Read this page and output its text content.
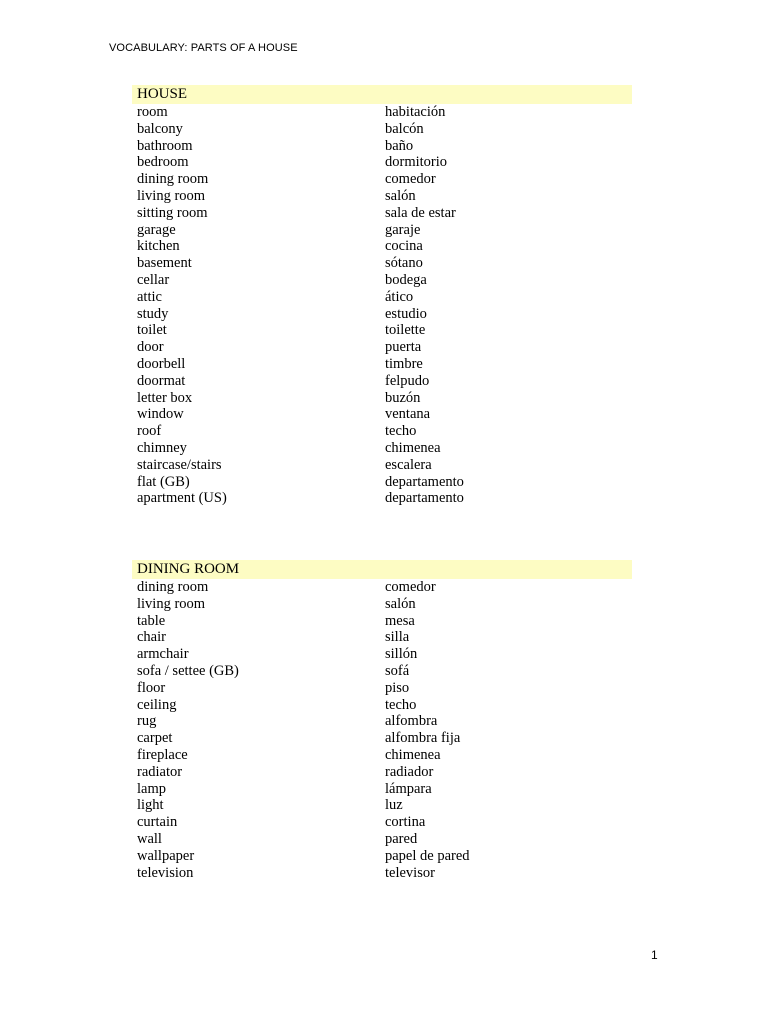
VOCABULARY: PARTS OF A HOUSE
HOUSE
room	habitación
balcony	balcón
bathroom	baño
bedroom	dormitorio
dining room	comedor
living room	salón
sitting room	sala de estar
garage	garaje
kitchen	cocina
basement	sótano
cellar	bodega
attic	ático
study	estudio
toilet	toilette
door	puerta
doorbell	timbre
doormat	felpudo
letter box	buzón
window	ventana
roof	techo
chimney	chimenea
staircase/stairs	escalera
flat (GB)	departamento
apartment (US)	departamento
DINING ROOM
dining room	comedor
living room	salón
table	mesa
chair	silla
armchair	sillón
sofa / settee (GB)	sofá
floor	piso
ceiling	techo
rug	alfombra
carpet	alfombra fija
fireplace	chimenea
radiator	radiador
lamp	lámpara
light	luz
curtain	cortina
wall	pared
wallpaper	papel de pared
television	televisor
1
